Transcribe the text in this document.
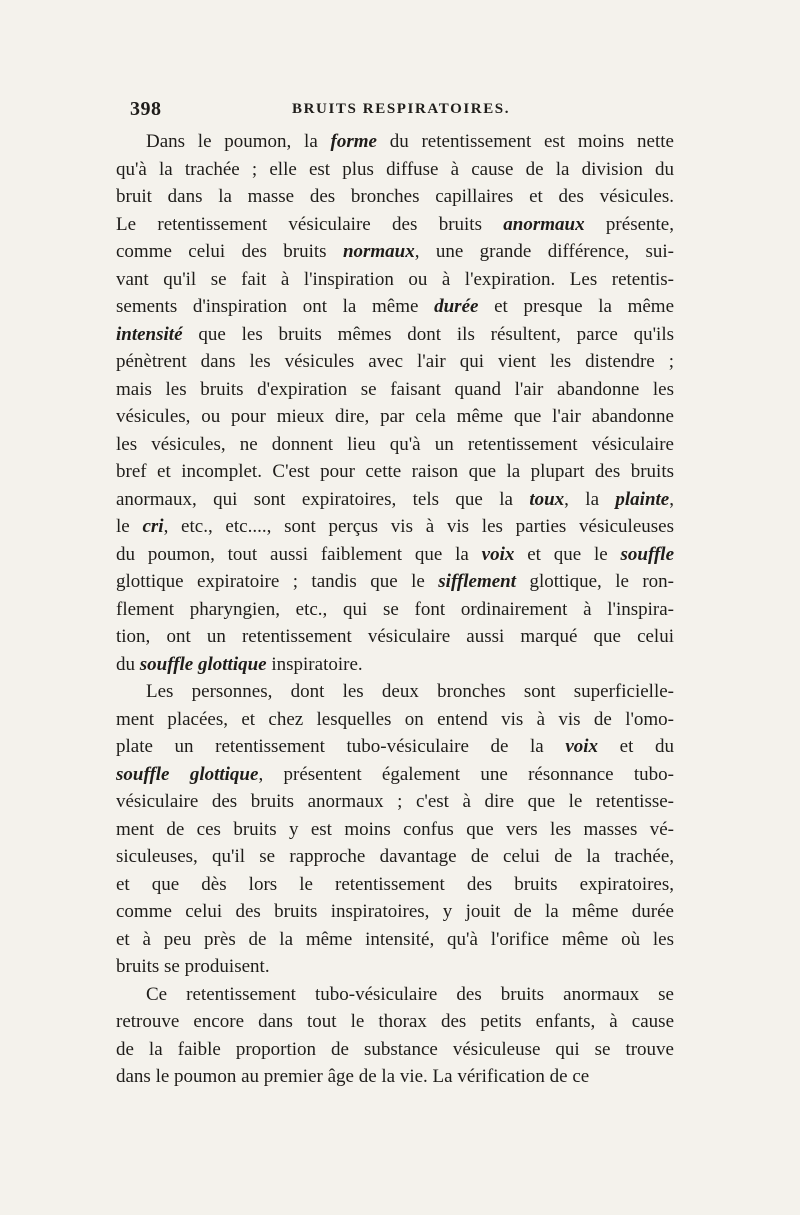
398	BRUITS RESPIRATOIRES.
Dans le poumon, la forme du retentissement est moins nette
qu'à la trachée ; elle est plus diffuse à cause de la division du
bruit dans la masse des bronches capillaires et des vésicules.
Le retentissement vésiculaire des bruits anormaux présente,
comme celui des bruits normaux, une grande différence, sui-
vant qu'il se fait à l'inspiration ou à l'expiration. Les retentis-
sements d'inspiration ont la même durée et presque la même
intensité que les bruits mêmes dont ils résultent, parce qu'ils
pénètrent dans les vésicules avec l'air qui vient les distendre ;
mais les bruits d'expiration se faisant quand l'air abandonne les
vésicules, ou pour mieux dire, par cela même que l'air abandonne
les vésicules, ne donnent lieu qu'à un retentissement vésiculaire
bref et incomplet. C'est pour cette raison que la plupart des bruits
anormaux, qui sont expiratoires, tels que la toux, la plainte,
le cri, etc., etc...., sont perçus vis à vis les parties vésiculeuses
du poumon, tout aussi faiblement que la voix et que le souffle
glottique expiratoire ; tandis que le sifflement glottique, le ron-
flement pharyngien, etc., qui se font ordinairement à l'inspira-
tion, ont un retentissement vésiculaire aussi marqué que celui
du souffle glottique inspiratoire.
Les personnes, dont les deux bronches sont superficielle-
ment placées, et chez lesquelles on entend vis à vis de l'omo-
plate un retentissement tubo-vésiculaire de la voix et du
souffle glottique, présentent également une résonnance tubo-
vésiculaire des bruits anormaux ; c'est à dire que le retentisse-
ment de ces bruits y est moins confus que vers les masses vé-
siculeuses, qu'il se rapproche davantage de celui de la trachée,
et que dès lors le retentissement des bruits expiratoires,
comme celui des bruits inspiratoires, y jouit de la même durée
et à peu près de la même intensité, qu'à l'orifice même où les
bruits se produisent.
Ce retentissement tubo-vésiculaire des bruits anormaux se
retrouve encore dans tout le thorax des petits enfants, à cause
de la faible proportion de substance vésiculeuse qui se trouve
dans le poumon au premier âge de la vie. La vérification de ce
